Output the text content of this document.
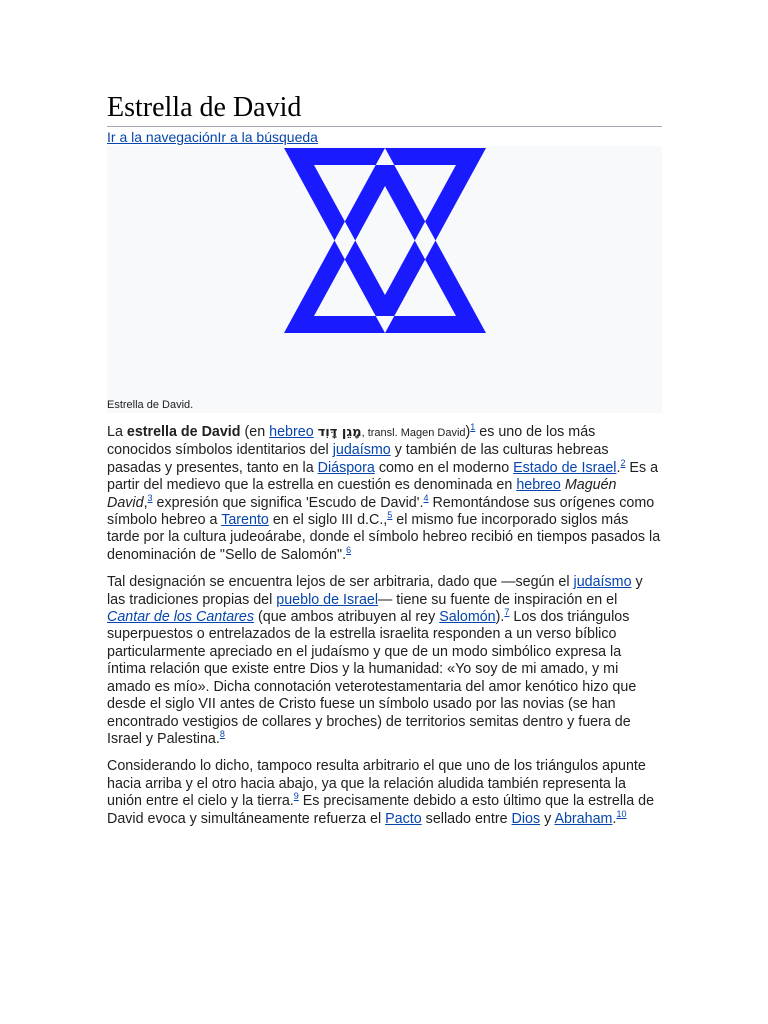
Estrella de David
Ir a la navegaciónIr a la búsqueda
Estrella de David.

La estrella de David (en hebreo מָגֵן דָּוִד, transl. Magen David)$^1$ es uno de los más conocidos símbolos identitarios del judaísmo y también de las culturas hebreas pasadas y presentes, tanto en la Diáspora como en el moderno Estado de Israel.$^2$ Es a partir del medievo que la estrella en cuestión es denominada en hebreo Maguén David,$^3$ expresión que significa 'Escudo de David'.$^4$ Remontándose sus orígenes como símbolo hebreo a Tarento en el siglo III d.C.,$^5$ el mismo fue incorporado siglos más tarde por la cultura judeoárabe, donde el símbolo hebreo recibió en tiempos pasados la denominación de "Sello de Salomón".$^6$

Tal designación se encuentra lejos de ser arbitraria, dado que —según el judaísmo y las tradiciones propias del pueblo de Israel— tiene su fuente de inspiración en el Cantar de los Cantares (que ambos atribuyen al rey Salomón).$^7$ Los dos triángulos superpuestos o entrelazados de la estrella israelita responden a un verso bíblico particularmente apreciado en el judaísmo y que de un modo simbólico expresa la íntima relación que existe entre Dios y la humanidad: «Yo soy de mi amado, y mi amado es mío». Dicha connotación veterotestamentaria del amor kenótico hizo que desde el siglo VII antes de Cristo fuese un símbolo usado por las novias (se han encontrado vestigios de collares y broches) de territorios semitas dentro y fuera de Israel y Palestina.$^8$

Considerando lo dicho, tampoco resulta arbitrario el que uno de los triángulos apunte hacia arriba y el otro hacia abajo, ya que la relación aludida también representa la unión entre el cielo y la tierra.$^9$ Es precisamente debido a esto último que la estrella de David evoca y simultáneamente refuerza el Pacto sellado entre Dios y Abraham.$^{10}$
